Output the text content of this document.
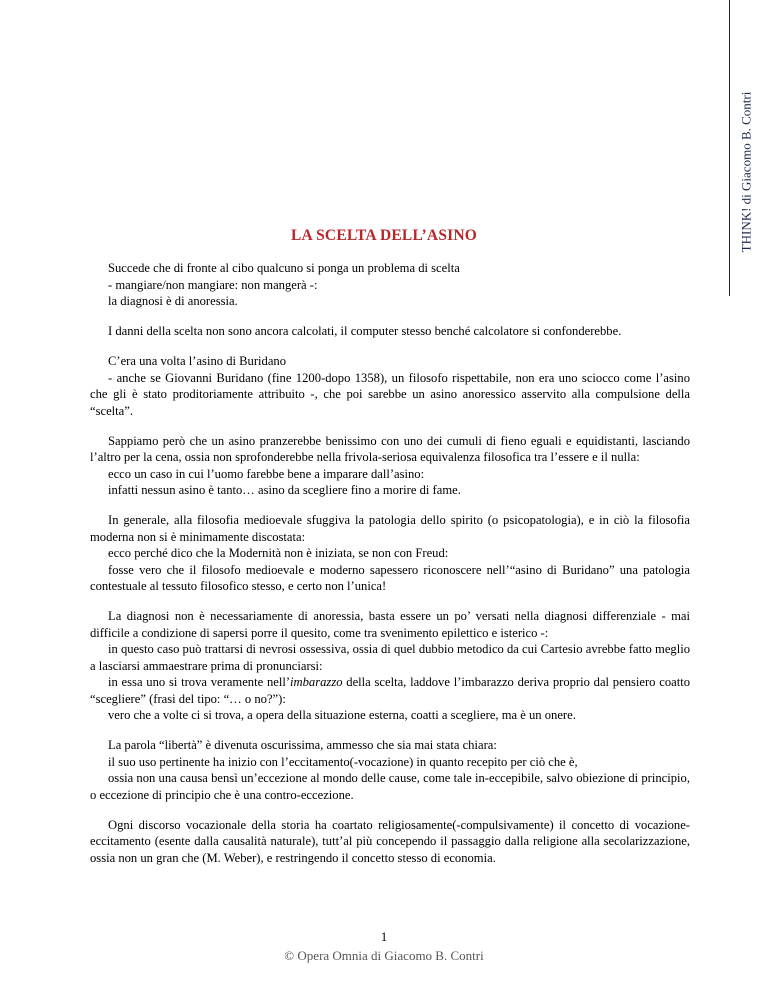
THINK! di Giacomo B. Contri
LA SCELTA DELL’ASINO
Succede che di fronte al cibo qualcuno si ponga un problema di scelta
- mangiare/non mangiare: non mangerà -:
la diagnosi è di anoressia.
I danni della scelta non sono ancora calcolati, il computer stesso benché calcolatore si confonderebbe.
C’era una volta l’asino di Buridano
- anche se Giovanni Buridano (fine 1200-dopo 1358), un filosofo rispettabile, non era uno sciocco come l’asino che gli è stato proditoriamente attribuito -, che poi sarebbe un asino anoressico asservito alla compulsione della “scelta”.
Sappiamo però che un asino pranzerebbe benissimo con uno dei cumuli di fieno eguali e equidistanti, lasciando l’altro per la cena, ossia non sprofonderebbe nella frivola-seriosa equivalenza filosofica tra l’essere e il nulla:
ecco un caso in cui l’uomo farebbe bene a imparare dall’asino:
infatti nessun asino è tanto… asino da scegliere fino a morire di fame.
In generale, alla filosofia medioevale sfuggiva la patologia dello spirito (o psicopatologia), e in ciò la filosofia moderna non si è minimamente discostata:
ecco perché dico che la Modernità non è iniziata, se non con Freud:
fosse vero che il filosofo medioevale e moderno sapessero riconoscere nell’“asino di Buridano” una patologia contestuale al tessuto filosofico stesso, e certo non l’unica!
La diagnosi non è necessariamente di anoressia, basta essere un po’ versati nella diagnosi differenziale - mai difficile a condizione di sapersi porre il quesito, come tra svenimento epilettico e isterico -:
in questo caso può trattarsi di nevrosi ossessiva, ossia di quel dubbio metodico da cui Cartesio avrebbe fatto meglio a lasciarsi ammaestrare prima di pronunciarsi:
in essa uno si trova veramente nell’imbarazzo della scelta, laddove l’imbarazzo deriva proprio dal pensiero coatto “scegliere” (frasi del tipo: “… o no?”):
vero che a volte ci si trova, a opera della situazione esterna, coatti a scegliere, ma è un onere.
La parola “libertà” è divenuta oscurissima, ammesso che sia mai stata chiara:
il suo uso pertinente ha inizio con l’eccitamento(-vocazione) in quanto recepito per ciò che è,
ossia non una causa bensì un’eccezione al mondo delle cause, come tale in-eccepibile, salvo obiezione di principio, o eccezione di principio che è una contro-eccezione.
Ogni discorso vocazionale della storia ha coartato religiosamente(-compulsivamente) il concetto di vocazione-eccitamento (esente dalla causalità naturale), tutt’al più concependo il passaggio dalla religione alla secolarizzazione, ossia non un gran che (M. Weber), e restringendo il concetto stesso di economia.
1
© Opera Omnia di Giacomo B. Contri
